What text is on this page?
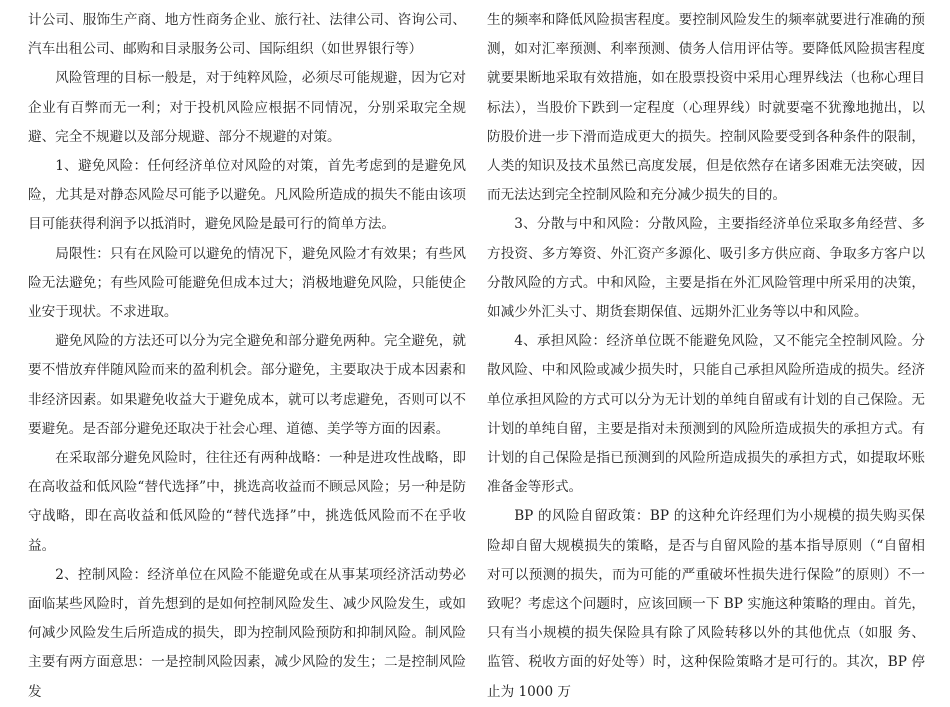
计公司、服饰生产商、地方性商务企业、旅行社、法律公司、咨询公司、汽车出租公司、邮购和目录服务公司、国际组织（如世界银行等）

风险管理的目标一般是，对于纯粹风险，必须尽可能规避，因为它对企业有百弊而无一利；对于投机风险应根据不同情况，分别采取完全规避、完全不规避以及部分规避、部分不规避的对策。

1、避免风险：任何经济单位对风险的对策，首先考虑到的是避免风险，尤其是对静态风险尽可能予以避免。凡风险所造成的损失不能由该项目可能获得利润予以抵消时，避免风险是最可行的简单方法。

局限性：只有在风险可以避免的情况下，避免风险才有效果；有些风险无法避免；有些风险可能避免但成本过大；消极地避免风险，只能使企业安于现状。不求进取。

避免风险的方法还可以分为完全避免和部分避免两种。完全避免，就要不惜放弃伴随风险而来的盈利机会。部分避免，主要取决于成本因素和非经济因素。如果避免收益大于避免成本，就可以考虑避免，否则可以不要避免。是否部分避免还取决于社会心理、道德、美学等方面的因素。

在采取部分避免风险时，往往还有两种战略：一种是进攻性战略，即在高收益和低风险“替代选择”中，挑选高收益而不顾忌风险；另一种是防守战略，即在高收益和低风险的“替代选择”中，挑选低风险而不在乎收益。

2、控制风险：经济单位在风险不能避免或在从事某项经济活动势必面临某些风险时，首先想到的是如何控制风险发生、减少风险发生，或如何减少风险发生后所造成的损失，即为控制风险预防和抑制风险。制风险主要有两方面意思：一是控制风险因素，减少风险的发生；二是控制风险发

生的频率和降低风险损害程度。要控制风险发生的频率就要进行准确的预测，如对汇率预测、利率预测、债务人信用评估等。要降低风险损害程度就要果断地采取有效措施，如在股票投资中采用心理界线法（也称心理目标法），当股价下跌到一定程度（心理界线）时就要毫不犹豫地抛出，以防股价进一步下滑而造成更大的损失。控制风险要受到各种条件的限制，人类的知识及技术虽然已高度发展，但是依然存在诸多困难无法突破，因而无法达到完全控制风险和充分减少损失的目的。

3、分散与中和风险：分散风险，主要指经济单位采取多角经营、多方投资、多方筹资、外汇资产多源化、吸引多方供应商、争取多方客户以分散风险的方式。中和风险，主要是指在外汇风险管理中所采用的决策，如减少外汇头寸、期货套期保值、远期外汇业务等以中和风险。

4、承担风险：经济单位既不能避免风险，又不能完全控制风险。分散风险、中和风险或减少损失时，只能自己承担风险所造成的损失。经济单位承担风险的方式可以分为无计划的单纯自留或有计划的自己保险。无计划的单纯自留，主要是指对未预测到的风险所造成损失的承担方式。有计划的自己保险是指已预测到的风险所造成损失的承担方式，如提取坏账准备金等形式。

BP 的风险自留政策：BP 的这种允许经理们为小规模的损失购买保险却自留大规模损失的策略，是否与自留风险的基本指导原则（“自留相对可以预测的损失，而为可能的严重破坏性损失进行保险”的原则）不一致呢？考虑这个问题时，应该回顾一下 BP 实施这种策略的理由。首先，只有当小规模的损失保险具有除了风险转移以外的其他优点（如服 务、监管、税收方面的好处等）时，这种保险策略才是可行的。其次，BP 停止为 1000 万
